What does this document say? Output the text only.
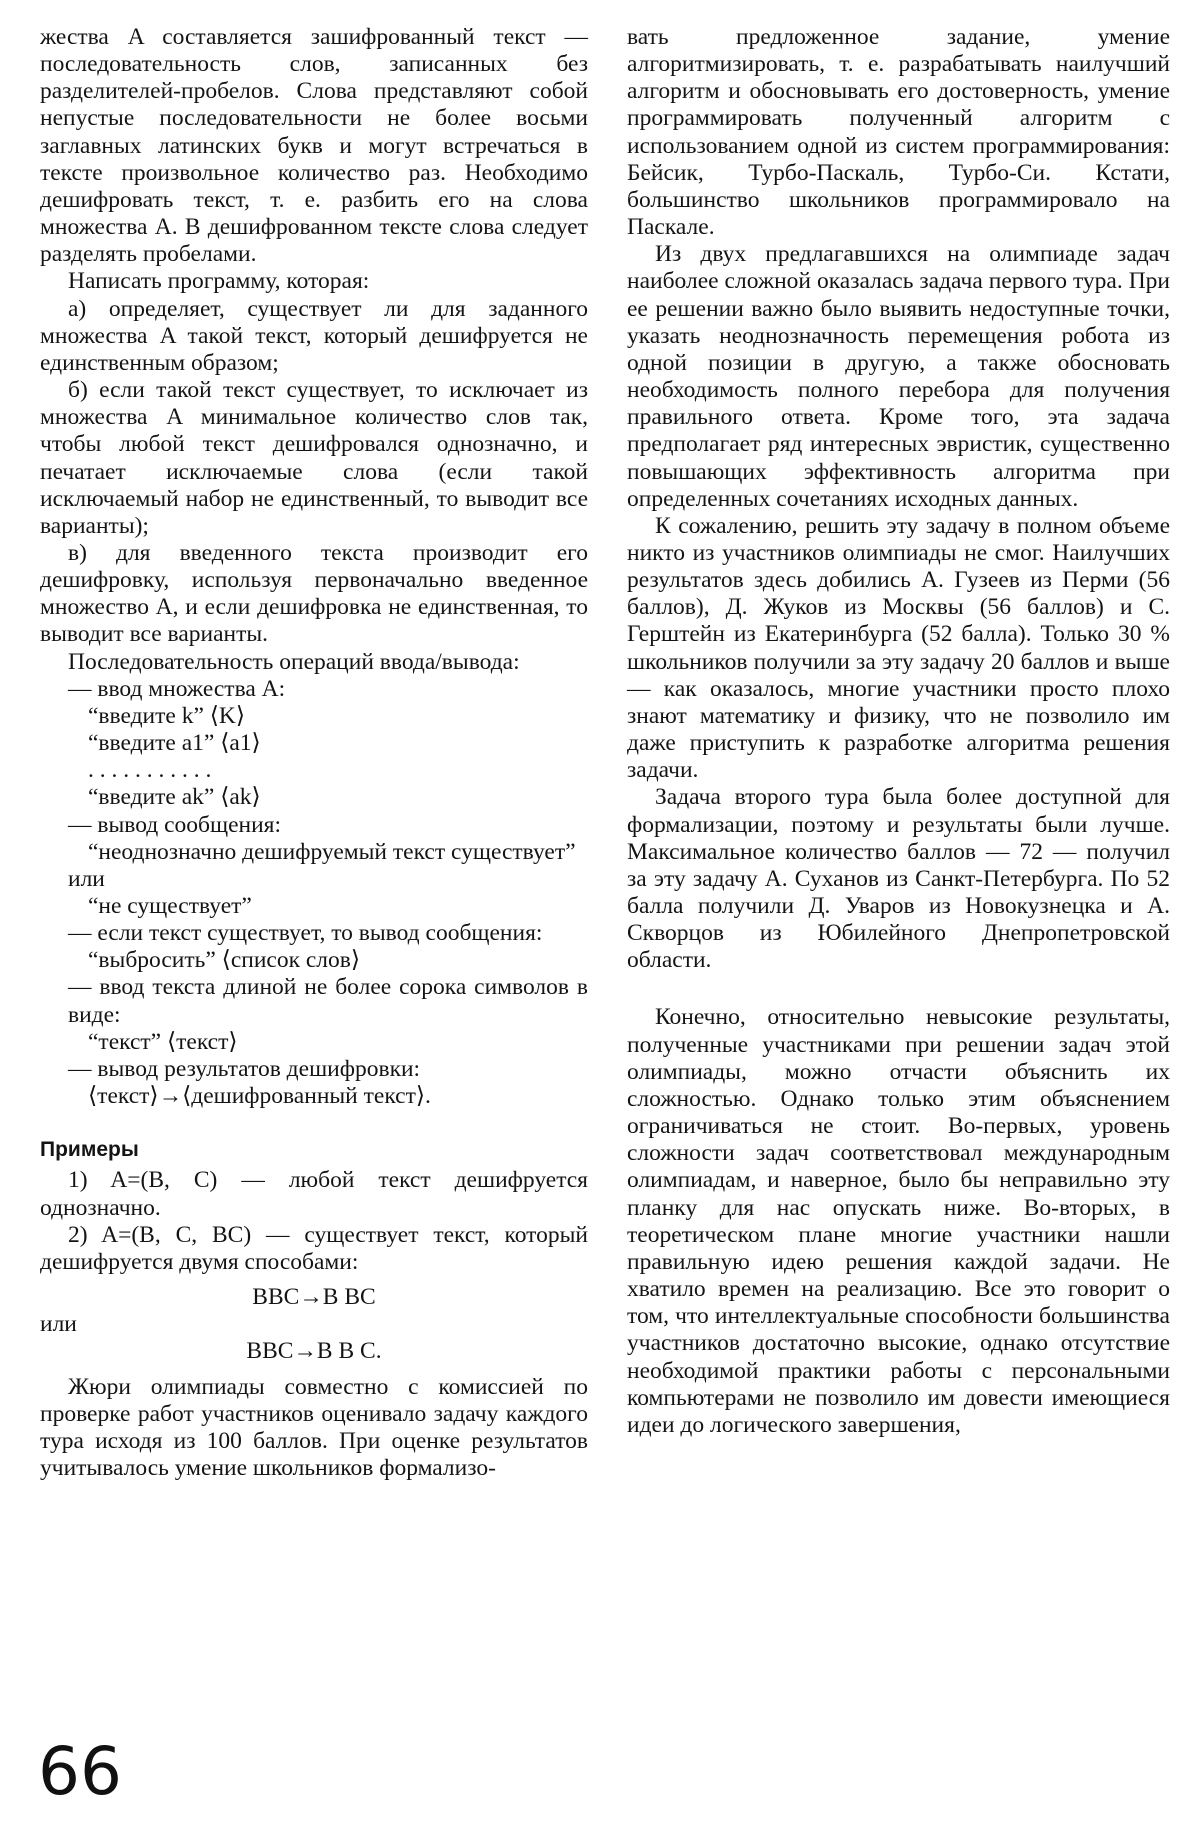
жества A составляется зашифрованный текст — последовательность слов, записанных без разделителей-пробелов. Слова представляют собой непустые последовательности не более восьми заглавных латинских букв и могут встречаться в тексте произвольное количество раз. Необходимо дешифровать текст, т. е. разбить его на слова множества A. В дешифрованном тексте слова следует разделять пробелами.

Написать программу, которая:

а) определяет, существует ли для заданного множества A такой текст, который дешифруется не единственным образом;

б) если такой текст существует, то исключает из множества A минимальное количество слов так, чтобы любой текст дешифровался однозначно, и печатает исключаемые слова (если такой исключаемый набор не единственный, то выводит все варианты);

в) для введенного текста производит его дешифровку, используя первоначально введенное множество A, и если дешифровка не единственная, то выводит все варианты.

Последовательность операций ввода/вывода:

— ввод множества A:

“введите k” ⟨K⟩

“введите a1” ⟨a1⟩

. . . . . . . . . . .

“введите ak” ⟨ak⟩

— вывод сообщения:

“неоднозначно дешифруемый текст существует”

или

“не существует”

— если текст существует, то вывод сообщения:

“выбросить” ⟨список слов⟩

— ввод текста длиной не более сорока символов в виде:

“текст” ⟨текст⟩

— вывод результатов дешифровки:

⟨текст⟩→⟨дешифрованный текст⟩.

Примеры

1) A=(B, C) — любой текст дешифруется однозначно.

2) A=(B, C, BC) — существует текст, который дешифруется двумя способами:

BBC→B BC

или

BBC→B B C.

Жюри олимпиады совместно с комиссией по проверке работ участников оценивало задачу каждого тура исходя из 100 баллов. При оценке результатов учитывалось умение школьников формализо-

вать предложенное задание, умение алгоритмизировать, т. е. разрабатывать наилучший алгоритм и обосновывать его достоверность, умение программировать полученный алгоритм с использованием одной из систем программирования: Бейсик, Турбо-Паскаль, Турбо-Си. Кстати, большинство школьников программировало на Паскале.

Из двух предлагавшихся на олимпиаде задач наиболее сложной оказалась задача первого тура. При ее решении важно было выявить недоступные точки, указать неоднозначность перемещения робота из одной позиции в другую, а также обосновать необходимость полного перебора для получения правильного ответа. Кроме того, эта задача предполагает ряд интересных эвристик, существенно повышающих эффективность алгоритма при определенных сочетаниях исходных данных.

К сожалению, решить эту задачу в полном объеме никто из участников олимпиады не смог. Наилучших результатов здесь добились А. Гузеев из Перми (56 баллов), Д. Жуков из Москвы (56 баллов) и С. Герштейн из Екатеринбурга (52 балла). Только 30 % школьников получили за эту задачу 20 баллов и выше — как оказалось, многие участники просто плохо знают математику и физику, что не позволило им даже приступить к разработке алгоритма решения задачи.

Задача второго тура была более доступной для формализации, поэтому и результаты были лучше. Максимальное количество баллов — 72 — получил за эту задачу А. Суханов из Санкт-Петербурга. По 52 балла получили Д. Уваров из Новокузнецка и А. Скворцов из Юбилейного Днепропетровской области.

Конечно, относительно невысокие результаты, полученные участниками при решении задач этой олимпиады, можно отчасти объяснить их сложностью. Однако только этим объяснением ограничиваться не стоит. Во-первых, уровень сложности задач соответствовал международным олимпиадам, и наверное, было бы неправильно эту планку для нас опускать ниже. Во-вторых, в теоретическом плане многие участники нашли правильную идею решения каждой задачи. Не хватило времен на реализацию. Все это говорит о том, что интеллектуальные способности большинства участников достаточно высокие, однако отсутствие необходимой практики работы с персональными компьютерами не позволило им довести имеющиеся идеи до логического завершения,

66
